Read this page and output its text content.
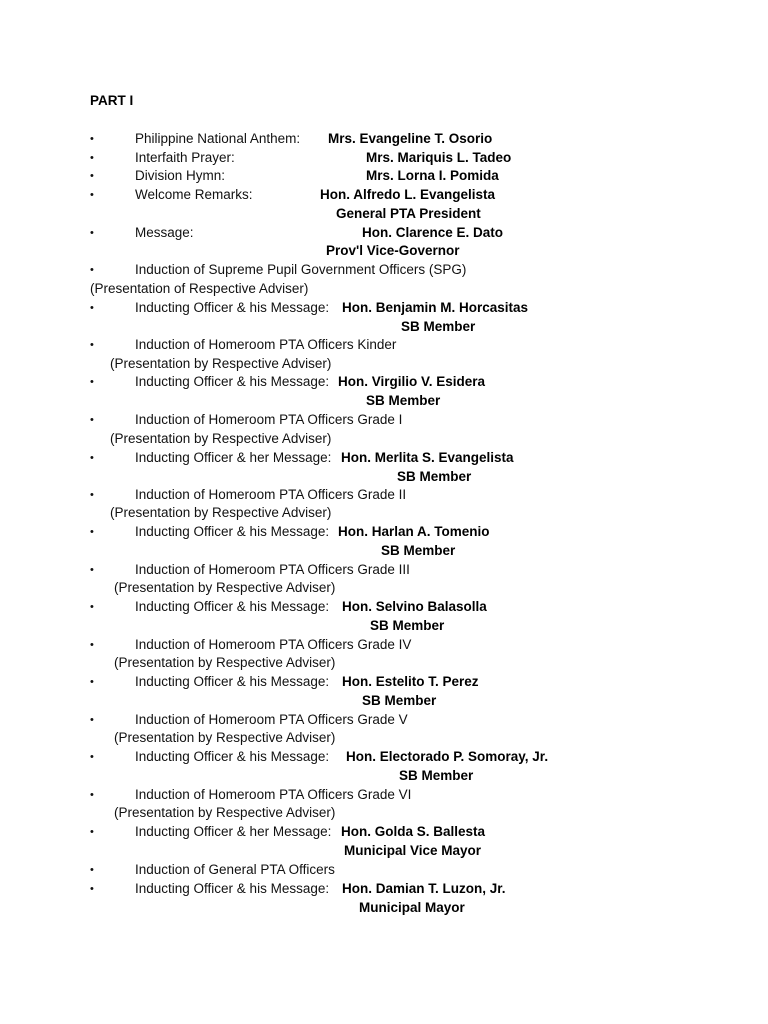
PART I
•	Philippine National Anthem: Mrs. Evangeline T. Osorio
•	Interfaith Prayer:	Mrs. Mariquis L. Tadeo
•	Division Hymn:	Mrs. Lorna I. Pomida
•	Welcome Remarks:	Hon. Alfredo L. Evangelista
General PTA President
•	Message:	Hon. Clarence E. Dato
Prov'l Vice-Governor
•	Induction of Supreme Pupil Government Officers (SPG)
(Presentation of Respective Adviser)
•	Inducting Officer & his Message: Hon. Benjamin M. Horcasitas
SB Member
•	Induction of Homeroom PTA Officers Kinder
(Presentation by Respective Adviser)
•	Inducting Officer & his Message: Hon. Virgilio V. Esidera
SB Member
•	Induction of Homeroom PTA Officers Grade I
(Presentation by Respective Adviser)
•	Inducting Officer & her Message: Hon. Merlita S. Evangelista
SB Member
•	Induction of Homeroom PTA Officers Grade II
(Presentation by Respective Adviser)
•	Inducting Officer & his Message: Hon. Harlan A. Tomenio
SB Member
•	Induction of Homeroom PTA Officers Grade III
(Presentation by Respective Adviser)
•	Inducting Officer & his Message: Hon. Selvino Balasolla
SB Member
•	Induction of Homeroom PTA Officers Grade IV
(Presentation by Respective Adviser)
•	Inducting Officer & his Message: Hon. Estelito T. Perez
SB Member
•	Induction of Homeroom PTA Officers Grade V
(Presentation by Respective Adviser)
•	Inducting Officer & his Message: Hon. Electorado P. Somoray, Jr.
SB Member
•	Induction of Homeroom PTA Officers Grade VI
(Presentation by Respective Adviser)
•	Inducting Officer & her Message: Hon. Golda S. Ballesta
Municipal Vice Mayor
•	Induction of General PTA Officers
•	Inducting Officer & his Message: Hon. Damian T. Luzon, Jr.
Municipal Mayor
